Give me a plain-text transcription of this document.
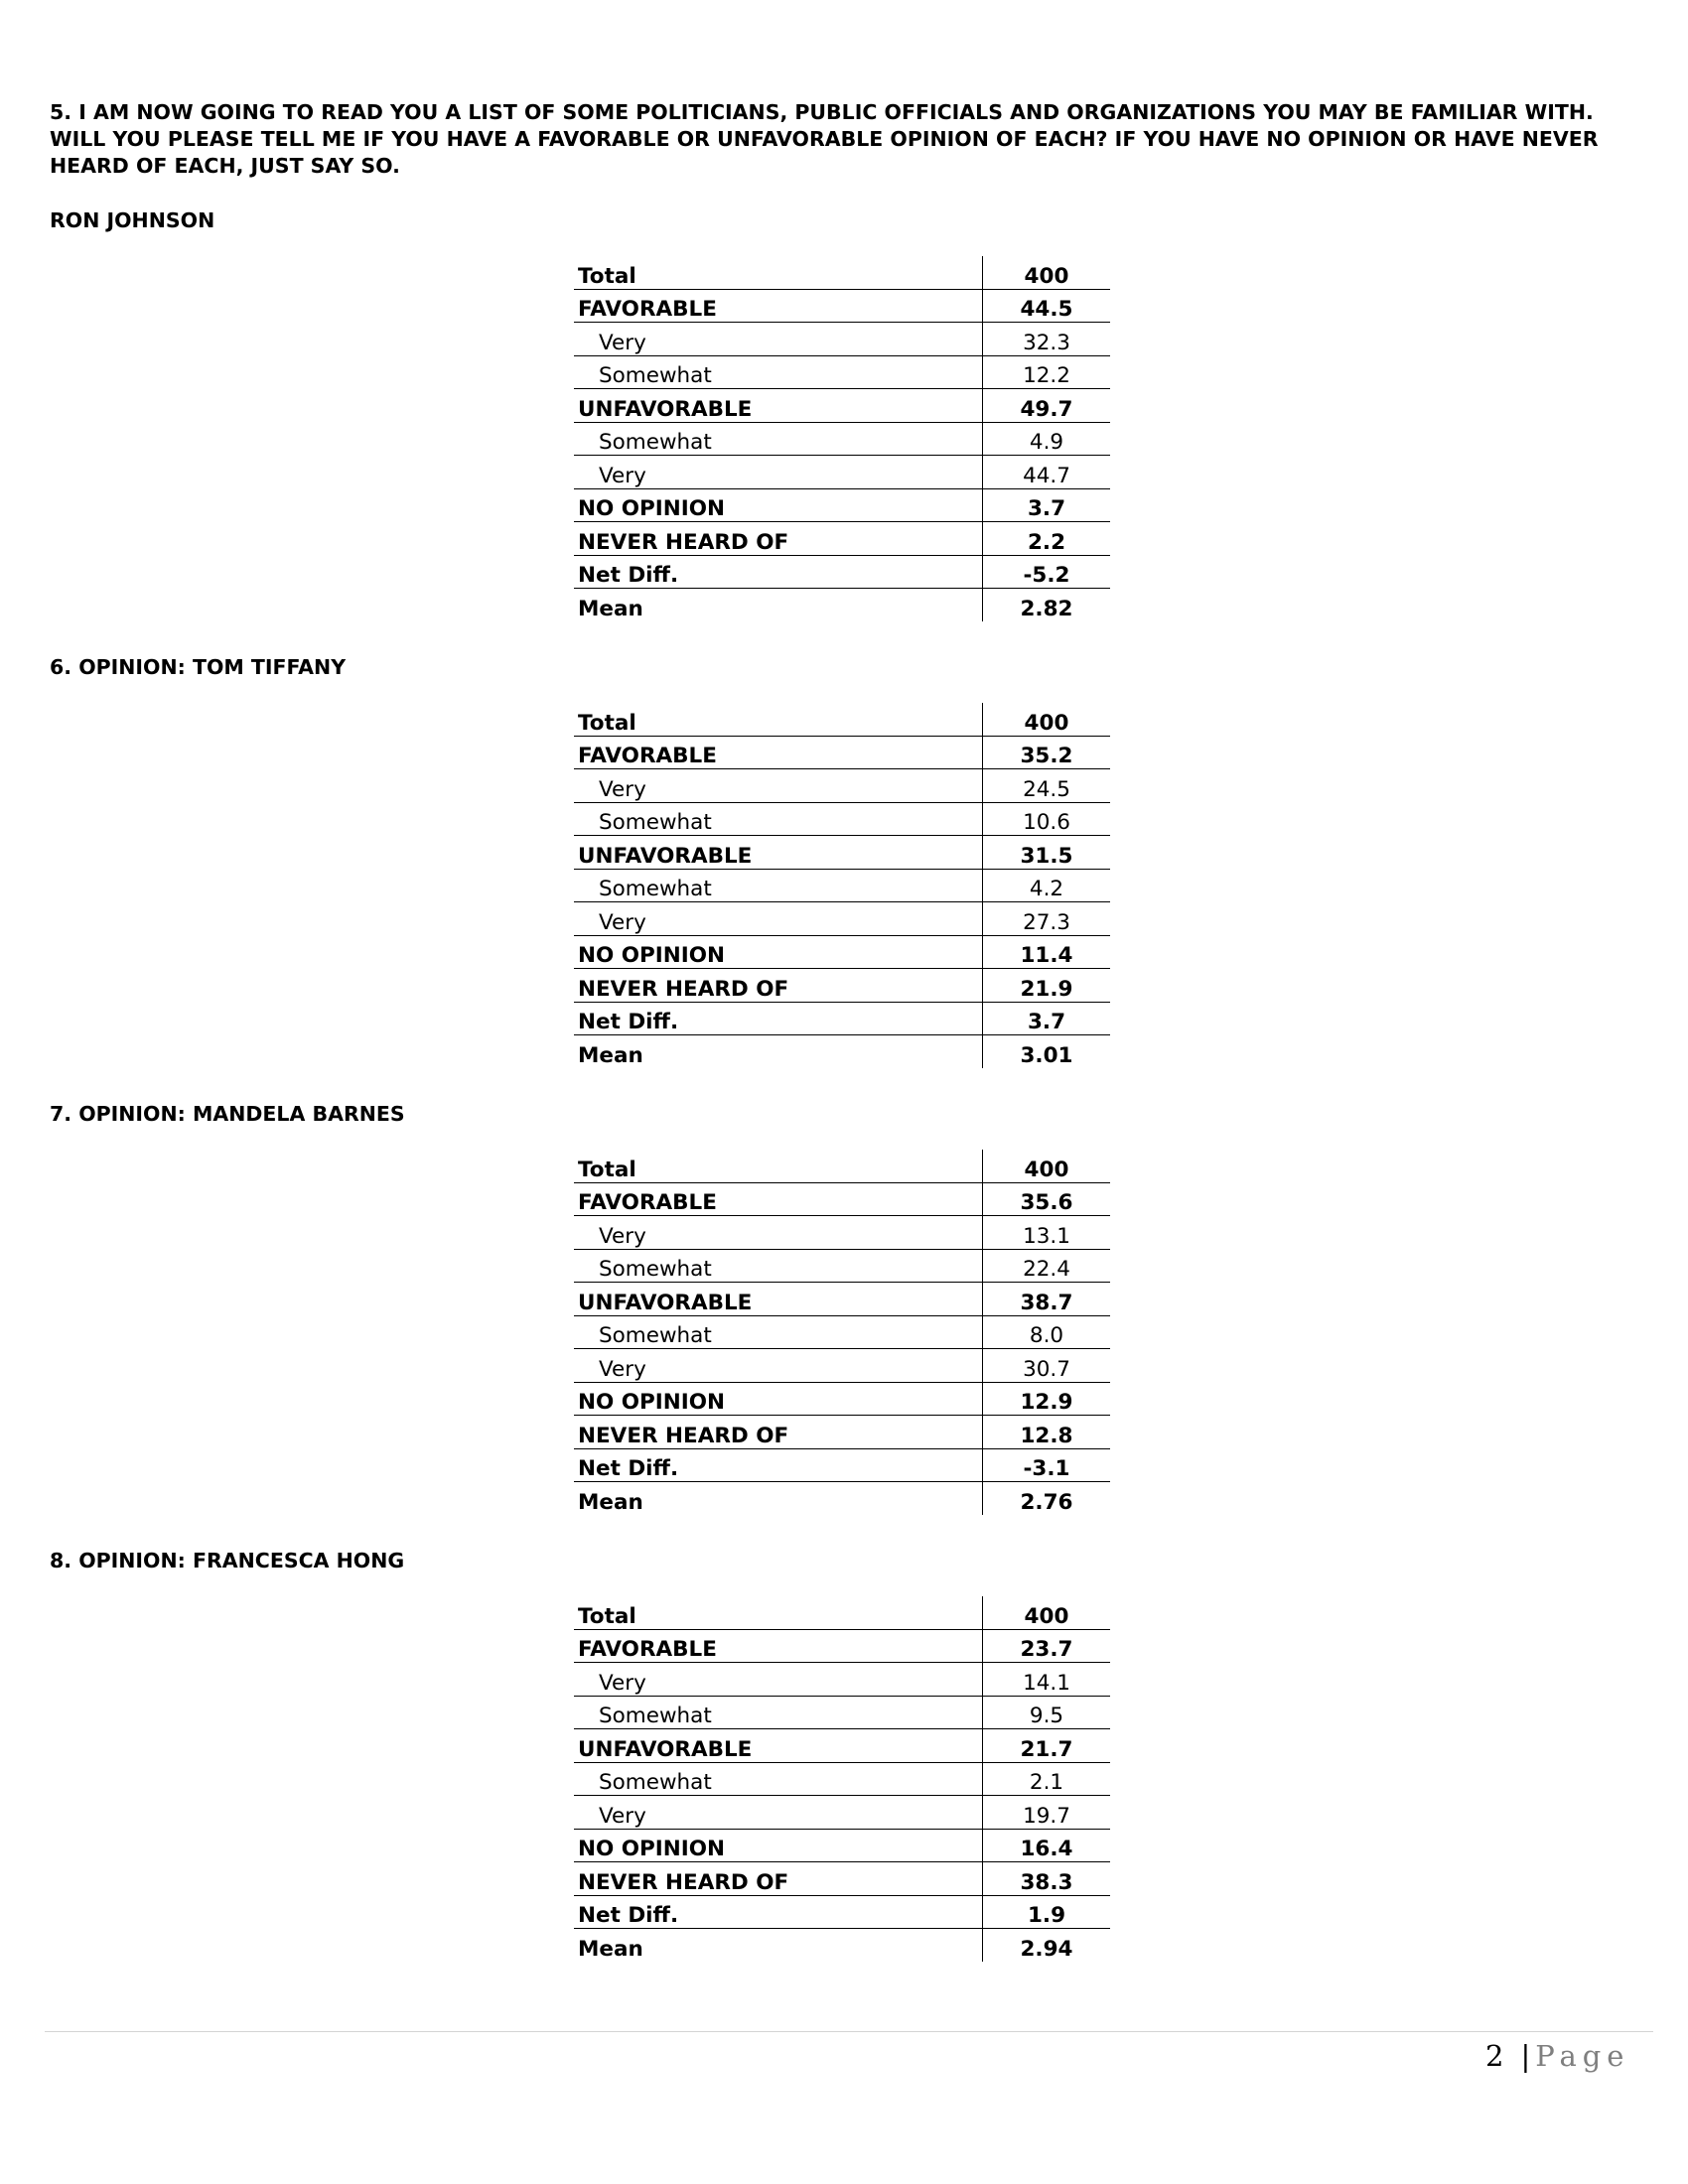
5. I AM NOW GOING TO READ YOU A LIST OF SOME POLITICIANS, PUBLIC OFFICIALS AND ORGANIZATIONS YOU MAY BE FAMILIAR WITH. WILL YOU PLEASE TELL ME IF YOU HAVE A FAVORABLE OR UNFAVORABLE OPINION OF EACH? IF YOU HAVE NO OPINION OR HAVE NEVER HEARD OF EACH, JUST SAY SO.
RON JOHNSON
Total	400
FAVORABLE	44.5
Very	32.3
Somewhat	12.2
UNFAVORABLE	49.7
Somewhat	4.9
Very	44.7
NO OPINION	3.7
NEVER HEARD OF	2.2
Net Diff.	-5.2
Mean	2.82
6. OPINION: TOM TIFFANY
Total	400
FAVORABLE	35.2
Very	24.5
Somewhat	10.6
UNFAVORABLE	31.5
Somewhat	4.2
Very	27.3
NO OPINION	11.4
NEVER HEARD OF	21.9
Net Diff.	3.7
Mean	3.01
7. OPINION: MANDELA BARNES
Total	400
FAVORABLE	35.6
Very	13.1
Somewhat	22.4
UNFAVORABLE	38.7
Somewhat	8.0
Very	30.7
NO OPINION	12.9
NEVER HEARD OF	12.8
Net Diff.	-3.1
Mean	2.76
8. OPINION: FRANCESCA HONG
Total	400
FAVORABLE	23.7
Very	14.1
Somewhat	9.5
UNFAVORABLE	21.7
Somewhat	2.1
Very	19.7
NO OPINION	16.4
NEVER HEARD OF	38.3
Net Diff.	1.9
Mean	2.94
2 | Page
